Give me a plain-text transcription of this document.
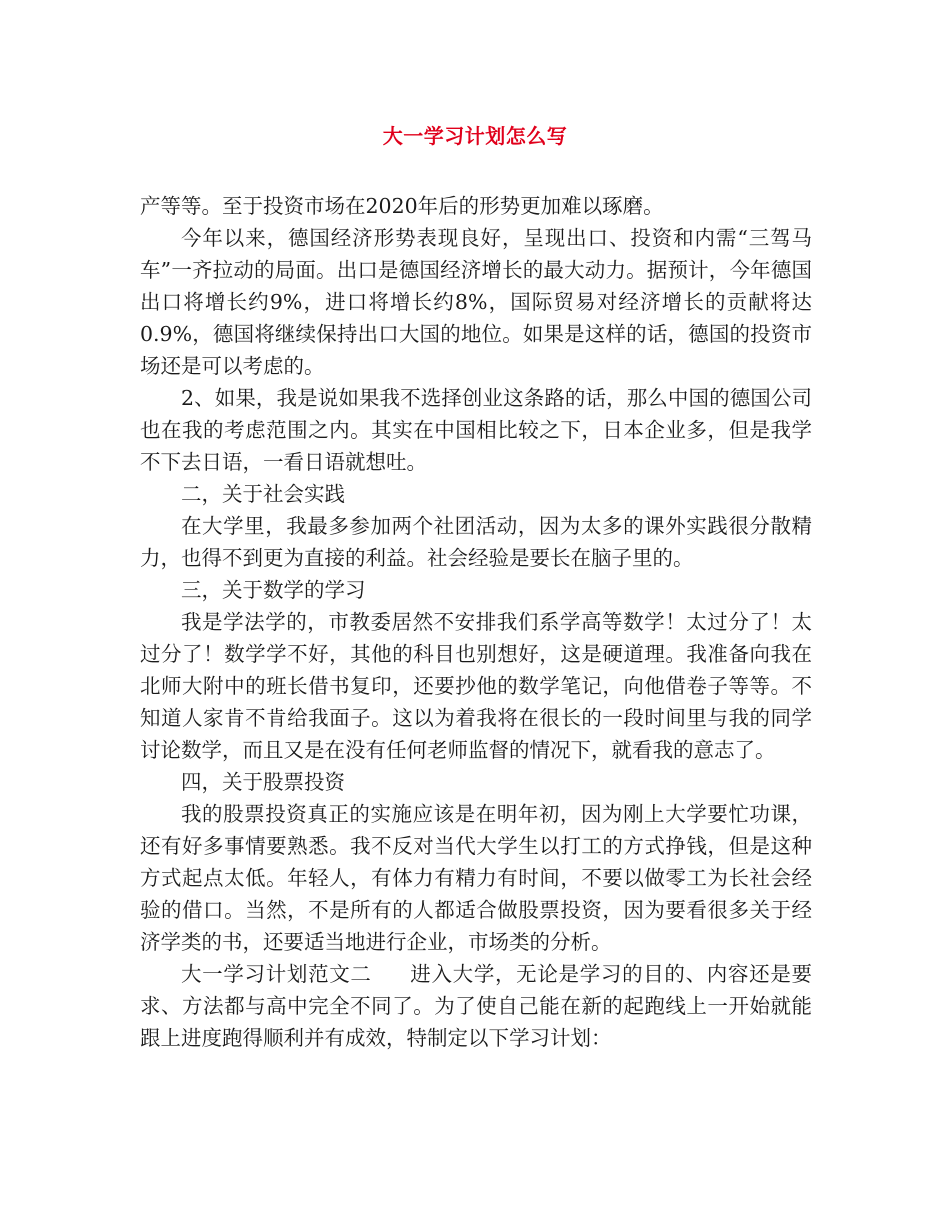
大一学习计划怎么写

产等等。至于投资市场在2020年后的形势更加难以琢磨。

今年以来，德国经济形势表现良好，呈现出口、投资和内需“三驾马车”一齐拉动的局面。出口是德国经济增长的最大动力。据预计，今年德国出口将增长约9%，进口将增长约8%，国际贸易对经济增长的贡献将达0.9%，德国将继续保持出口大国的地位。如果是这样的话，德国的投资市场还是可以考虑的。

2、如果，我是说如果我不选择创业这条路的话，那么中国的德国公司也在我的考虑范围之内。其实在中国相比较之下，日本企业多，但是我学不下去日语，一看日语就想吐。

二，关于社会实践

在大学里，我最多参加两个社团活动，因为太多的课外实践很分散精力，也得不到更为直接的利益。社会经验是要长在脑子里的。

三，关于数学的学习

我是学法学的，市教委居然不安排我们系学高等数学！太过分了！太过分了！数学学不好，其他的科目也别想好，这是硬道理。我准备向我在北师大附中的班长借书复印，还要抄他的数学笔记，向他借卷子等等。不知道人家肯不肯给我面子。这以为着我将在很长的一段时间里与我的同学讨论数学，而且又是在没有任何老师监督的情况下，就看我的意志了。

四，关于股票投资

我的股票投资真正的实施应该是在明年初，因为刚上大学要忙功课，还有好多事情要熟悉。我不反对当代大学生以打工的方式挣钱，但是这种方式起点太低。年轻人，有体力有精力有时间，不要以做零工为长社会经验的借口。当然，不是所有的人都适合做股票投资，因为要看很多关于经济学类的书，还要适当地进行企业，市场类的分析。

大一学习计划范文二 进入大学，无论是学习的目的、内容还是要求、方法都与高中完全不同了。为了使自己能在新的起跑线上一开始就能跟上进度跑得顺利并有成效，特制定以下学习计划：
